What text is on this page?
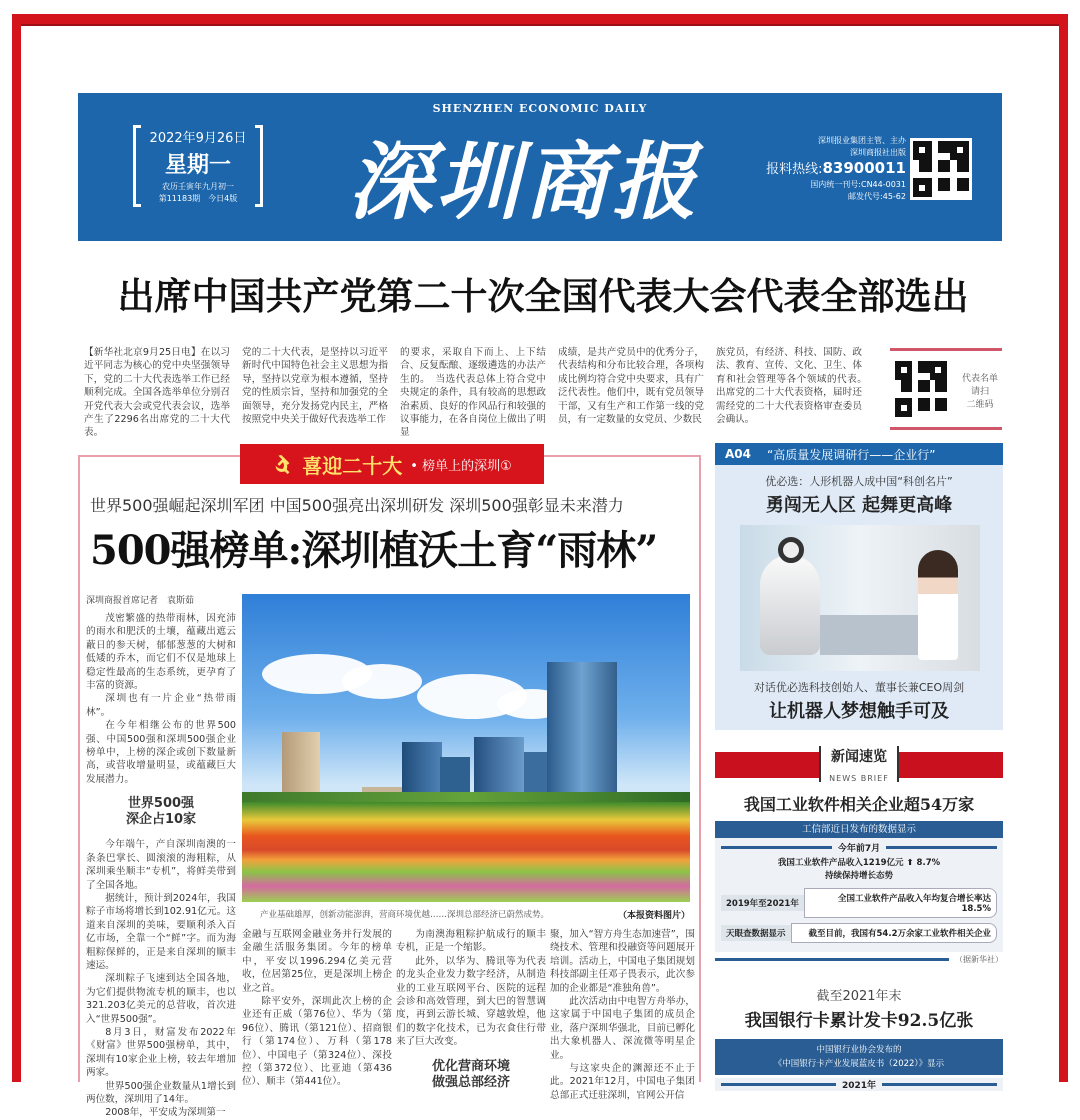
SHENZHEN ECONOMIC DAILY
2022年9月26日
星期一
农历壬寅年九月初一
第11183期　今日4版 深圳商报	深圳报业集团主管、主办
深圳商报社出版
报料热线:83900011
国内统一刊号:CN44-0031
邮发代号:45-62
出席中国共产党第二十次全国代表大会代表全部选出
【新华社北京9月25日电】在以习近平同志为核心的党中央坚强领导下，党的二十大代表选举工作已经顺利完成。全国各选举单位分别召开党代表大会或党代表会议，选举产生了2296名出席党的二十大代表。
党的二十大代表，是坚持以习近平新时代中国特色社会主义思想为指导，坚持以党章为根本遵循，坚持党的性质宗旨，坚持和加强党的全面领导，充分发扬党内民主，严格按照党中央关于做好代表选举工作
的要求，采取自下而上、上下结合、反复酝酿、逐级遴选的办法产生的。　当选代表总体上符合党中央规定的条件，具有较高的思想政治素质、良好的作风品行和较强的议事能力，在各自岗位上做出了明显
成绩，是共产党员中的优秀分子，代表结构和分布比较合理，各项构成比例均符合党中央要求，具有广泛代表性。他们中，既有党员领导干部，又有生产和工作第一线的党员，有一定数量的女党员、少数民
族党员，有经济、科技、国防、政法、教育、宣传、文化、卫生、体育和社会管理等各个领域的代表。　出席党的二十大代表资格，届时还需经党的二十大代表资格审查委员会确认。
代表名单
请扫
二维码
喜迎二十大 • 榜单上的深圳①
世界500强崛起深圳军团 中国500强亮出深圳研发 深圳500强彰显未来潜力
500强榜单:深圳植沃土育“雨林”
深圳商报首席记者　袁斯茹

茂密繁盛的热带雨林，因充沛的雨水和肥沃的土壤，蕴藏出遮云蔽日的参天树，郁郁葱葱的大树和低矮的乔木，而它们不仅是地球上稳定性最高的生态系统，更孕育了丰富的资源。

深圳也有一片企业“热带雨林”。

在今年相继公布的世界500强、中国500强和深圳500强企业榜单中，上榜的深企或创下数量新高，或营收增量明显，或蕴藏巨大发展潜力。

世界500强
深企占10家

今年端午，产自深圳南澳的一条条巴掌长、圆滚滚的海粗粽，从深圳乘坐顺丰“专机”，将鲜美带到了全国各地。

据统计，预计到2024年，我国粽子市场将增长到102.91亿元。这道来自深圳的美味，要顺利杀入百亿市场，全靠一个“鲜”字。而为海粗粽保鲜的，正是来自深圳的顺丰速运。

深圳粽子飞速到达全国各地，为它们提供物流专机的顺丰，也以321.203亿美元的总营收，首次进入“世界500强”。

8月3日，财富发布2022年《财富》世界500强榜单，其中，深圳有10家企业上榜，较去年增加两家。

世界500强企业数量从1增长到两位数，深圳用了14年。

2008年，平安成为深圳第一

产业基础雄厚，创新动能澎湃，营商环境优越……深圳总部经济已蔚然成势。	（本报资料图片）

金融与互联网金融业务并行发展的金融生活服务集团。今年的榜单中，平安以1996.294亿美元营收，位居第25位，更是深圳上榜企业之首。

除平安外，深圳此次上榜的企业还有正威（第76位）、华为（第96位）、腾讯（第121位）、招商银行（第174位）、万科（第178位）、中国电子（第324位）、深投控（第372位）、比亚迪（第436位）、顺丰（第441位）。

为南澳海粗粽护航成行的顺丰专机，正是一个缩影。

此外，以华为、腾讯等为代表的龙头企业发力数字经济，从制造业的工业互联网平台、医院的远程会诊和高效管理，到大巴的智慧调度，再到云游长城、穿越敦煌，他们的数字化技术，已为衣食住行带来了巨大改变。

优化营商环境
做强总部经济

聚，加入“智方舟生态加速营”，围绕技术、管理和投融资等问题展开培训。活动上，中国电子集团规划科技部副主任邓子畏表示，此次参加的企业都是“准独角兽”。

此次活动由中电智方舟举办，这家属于中国电子集团的成员企业，落户深圳华强北，目前已孵化出大象机器人、深流微等明星企业。

与这家央企的渊源还不止于此。2021年12月，中国电子集团总部正式迁驻深圳，官网公开信

A04 “高质量发展调研行——企业行”
优必选：人形机器人成中国“科创名片”
勇闯无人区 起舞更高峰
对话优必选科技创始人、董事长兼CEO周剑
让机器人梦想触手可及
新闻速览
NEWS BRIEF
我国工业软件相关企业超54万家
工信部近日发布的数据显示
今年前7月
我国工业软件产品收入1219亿元 ⬆ 8.7%
持续保持增长态势
2019年至2021年	全国工业软件产品收入年均复合增长率达18.5%
天眼查数据显示	截至目前，我国有54.2万余家工业软件相关企业
（据新华社）
截至2021年末
我国银行卡累计发卡92.5亿张
中国银行业协会发布的
《中国银行卡产业发展蓝皮书（2022）》显示
2021年
